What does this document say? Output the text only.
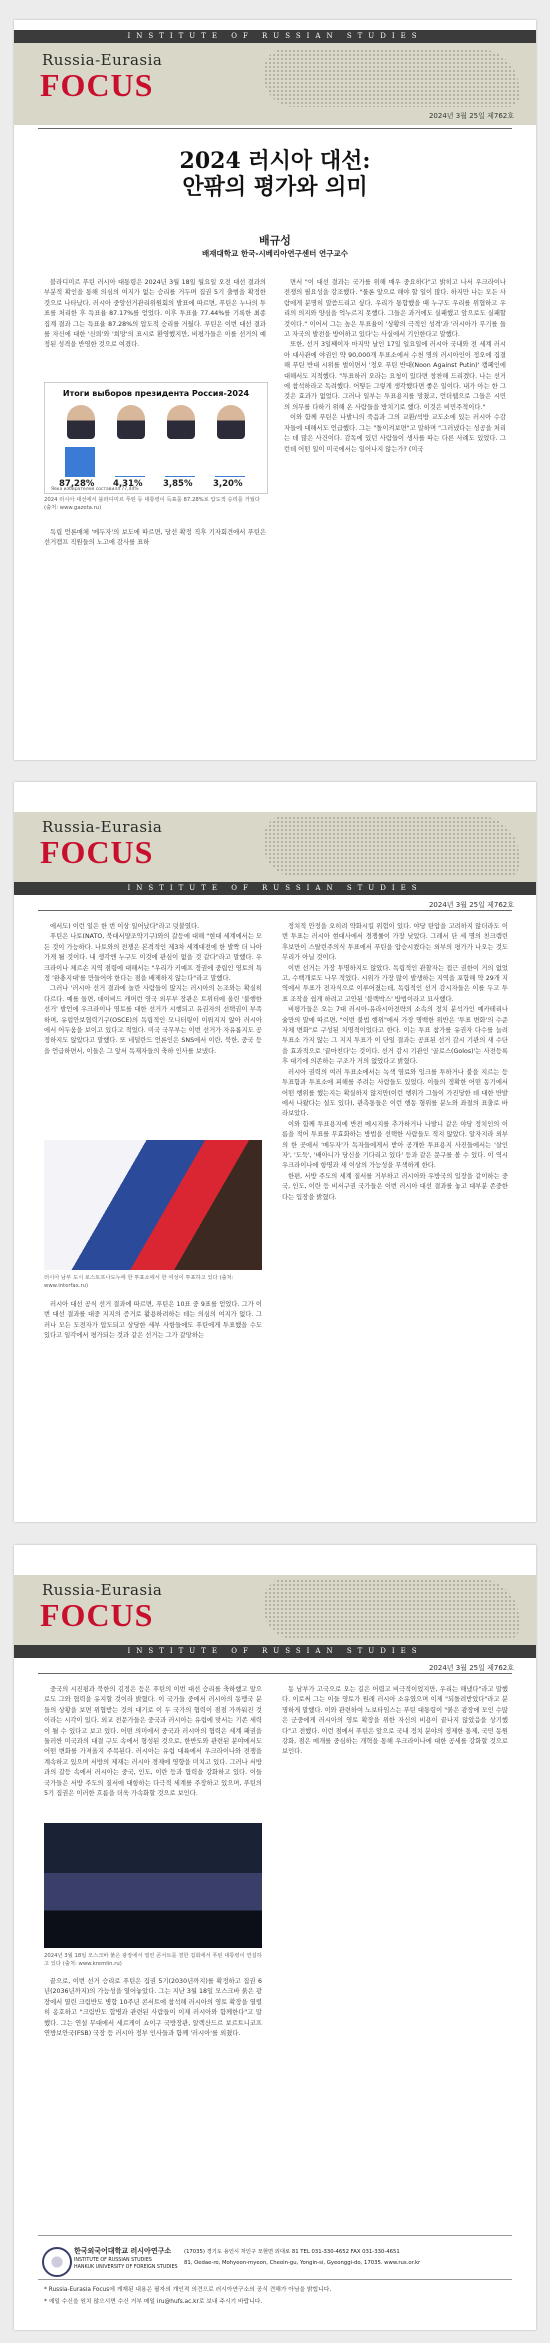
INSTITUTE OF RUSSIAN STUDIES
Russia-Eurasia
FOCUS
2024년 3월 25일 제762호
2024 러시아 대선:
안팎의 평가와 의미
배규성
배재대학교 한국-시베리아연구센터 연구교수

블라디미르 푸틴 러시아 대통령은 2024년 3월 18일 월요일 오전 대선 결과의 부분적 확인을 통해 의심의 여지가 없는 승리를 거두며 집권 5기 출범을 확정한 것으로 나타났다. 러시아 중앙선거관리위원회의 발표에 따르면, 푸틴은 누나의 투표를 처리한 후 득표율 87.17%를 얻었다. 이후 투표율 77.44%를 기록한 최종 집계 결과 그는 득표율 87.28%의 압도적 승리를 거뒀다. 푸틴은 이번 대선 결과를 자신에 대한 '신뢰'와 '희망'의 표시로 환영했지만, 비평가들은 이를 선거의 예정된 성격을 반영한 것으로 여겼다.

Итоги выборов президента Россия-2024
87,28% 4,31% 3,85% 3,20%
Явка избирателей составила 77,44%
2024 러시아 대선에서 블라디미르 푸틴 등 대통령이 득표를 87.28%로 압도적 승리를 거뒀다 (출처: www.gazeta.ru)

독립 언론매체 '메두자'의 보도에 따르면, 당선 확정 직후 기자회견에서 푸틴은 선거캠프 직원들의 노고에 감사를 표하

면서 "이 대선 결과는 국가를 위해 매우 중요하다"고 밝히고 나서 우크라이나 전쟁의 필요성을 강조했다. "물론 앞으로 해야 할 일이 많다. 하지만 나는 모든 사람에게 분명히 말씀드리고 싶다. 우리가 통합했을 때 누구도 우리를 위협하고 우리의 의지와 양심을 억누르지 못했다. 그들은 과거에도 실패했고 앞으로도 실패할 것이다." 이어서 그는 높은 투표율이 '상황의 극적인 성격'과 '러시아가 무기를 들고 자국의 발전을 방어하고 있다'는 사실에서 기인한다고 말했다.

또한, 선거 3일째이자 마지막 날인 17일 일요일에 러시아 국내와 전 세계 러시아 대사관에 야권인 약 90,000개 투표소에서 수천 명의 러시아인이 정오에 집결해 푸틴 반대 시위를 벌이면서 '정오 푸틴 반대(Noon Against Putin)' 캠페인에 대해서도 지적했다. "투표하러 오라는 요청이 있다면 창찬해 드리겠다. 나는 선거에 참석하라고 독려했다. 어떻든 그렇게 생각했다면 좋은 일이다. 내가 아는 한 그것은 효과가 없었다. 그러나 일부는 투표용지를 망쳤고, 언더웹으로 그들은 시민의 의무를 다하기 위해 온 사람들을 방치기로 했다. 이것은 비민주적이다."

이와 함께 푸틴은 나발니의 죽음과 그의 교환/석방 교도소에 있는 러시아 수감자들에 대해서도 언급했다. 그는 "돌이켜보면"고 말하며 "그러냈다는 성공을 처리는 데 많은 사건이다. 감독에 있던 사람들이 생사를 따는 다른 사례도 있었다. 그런데 어떤 일이 미국에서는 일어나지 않는가? (미국

Russia-Eurasia
FOCUS
INSTITUTE OF RUSSIAN STUDIES
2024년 3월 25일 제762호

에서도) 이런 일은 한 번 이상 일어났다"라고 덧붙였다.

푸틴은 나토(NATO, 북대서양조약기구)와의 갈등에 대해 "현대 세계에서는 모든 것이 가능하다. 나토와의 전쟁은 본격적인 제3차 세계대전에 한 발짝 더 나아가게 될 것이다. 내 생각엔 누구도 이것에 관심이 없을 것 같다"라고 말했다. 우크라이나 체르손 지역 점령에 대해서는 "우리가 키예프 정권에 중립인 영토의 특정 '완충지대'를 만들어야 한다는 점을 배제하지 않는다"라고 말했다.

그러나 '러시아 선거 결과에 놀란 사람들이 많지는 러시아의 논조와는 확실히 다르다. 예를 들면, 데이비드 캐머런 영국 외무부 장관은 트위터에 올린 '불행한 선거' 발언에 우크라이나 영토를 대한 선거가 시행되고 유권자의 선택권이 부족하며, 유럽안보협력기구(OSCE)의 독립적인 모니터링이 이뤄지지 않아 러시아에서 어두움을 보이고 있다고 적었다. 미국 국무부는 이번 선거가 자유롭지도 공정하지도 않았다고 말했다. 또 네덜란드 언론인은 SNS에서 이란, 북한, 중국 등을 언급하면서, 이들은 그 앞서 독재자들의 축하 인사를 보냈다.

러시아 남부 도시 로스토프나도누에 한 투표소에서 한 여성이 투표하고 있다 (출처: www.interfax.ru)

러시아 대선 공식 선거 결과에 따르면, 푸틴은 10표 중 9표를 얻었다. 그가 이번 대선 결과를 대중 지지의 증거로 활용하려하는 데는 의심의 여지가 없다. 그러나 모든 도전자가 압도되고 상당한 세부 사항들에도 푸틴에게 투표했을 수도 있다고 일각에서 평가되는 것과 같은 선거는 그가 갈망하는

정치적 안정을 오히려 약화시킬 위험이 있다. 야당 탄압을 고려하지 않더라도 이번 투표는 러시아 현대사에서 경쟁률이 가장 낮았다. 그래서 단 세 명의 친크렘린 후보만이 스탈린주의식 투표에서 푸틴을 압승시켰다는 외부의 평가가 나오는 것도 무리가 아닐 것이다.

이번 선거는 가장 투명하지도 않았다. 독립적인 관찰자는 접근 권한이 거의 없었고, 수백개로도 나무 적었다. 시위가 가장 많이 발생하는 지역을 포함해 약 29개 지역에서 투표가 전자식으로 이루어졌는데, 독립적인 선거 감시자들은 이를 두고 투표 조작을 쉽게 하려고 고안된 '블랙박스' 방법이라고 묘사했다.

비평가들은 오는 7대 러시아-유라시아전략의 소속의 정치 분석가인 예카테리나 슐만의 말에 따르면, "이번 불법 행위"에서 가장 명백한 위반은 '투표 변화'의 수준 자체 변화"로 구성된 치명적이었다고 한다. 이는 투표 참가를 유권자 다수를 늘려 투표소 가지 않는 그 지지 투표가 이 단일 결과는 공표된 선거 감시 기관의 새 수단을 효과적으로 '끝마친다'는 것이다. 선거 감시 기관인 '골로스(Golos)'는 사전등록 후 대기에 의존하는 구조가 거의 없었다고 밝혔다.

러시아 권력의 여러 투표소에서는 녹색 염료와 잉크를 투하거나 불을 지르는 등 투표함과 투표소에 피해를 주려는 사람들도 있었다. 이들의 정확한 어떤 동기에서 어떤 행위를 했는지는 확실하지 않지만(이런 행위가 그들이 가진당한 데 대한 반발에서 나왔다는 설도 있다), 관측통들은 이런 행동 형위를 분노와 좌절의 표출로 바라보았다.

이와 함께 투표용지에 반전 메시지를 추가하거나 나발니 같은 야당 정치인의 이름을 적어 투표를 무효화하는 방법을 선택한 사람들도 적지 않았다. 알자지라 외부의 한 곳에서 '메두자'가 독자들에게서 받아 공개한 투표용지 사진들에서는 '살인자', '도둑', '배아니가 당신을 기다리고 있다' 등과 같은 문구를 볼 수 있다. 이 역시 우크라이나에 항명과 새 이상의 가능성을 무색하게 한다.

한편, 서방 주도의 세계 질서를 거부하고 러시아와 우방국의 입장을 같이하는 중국, 인도, 이란 등 비서구권 국가들은 이번 러시아 대선 결과를 놓고 대부분 존중한다는 입장을 밝혔다.

Russia-Eurasia
FOCUS
INSTITUTE OF RUSSIAN STUDIES
2024년 3월 25일 제762호

중국의 시진핑과 북한의 김정은 등은 푸틴의 이번 대선 승리를 축하했고 앞으로도 그와 협력을 유지할 것이라 밝혔다. 이 국가들 중에서 러시아의 동맹국 분들의 상황을 보면 위협받는 것의 대기로 이 두 국가의 협력이 점점 가까워진 것이라는 시각이 있다. 외교 전문가들은 중국과 러시아는 유럽에 맞서는 기존 세력이 될 수 있다고 보고 있다. 어떤 의미에서 중국과 러시아의 협력은 세계 패권을 둘러싼 미국과의 대결 구도 속에서 형성된 것으로, 한반도와 관련된 분야에서도 어떤 변화를 가져올지 주목된다. 러시아는 유럽 대륙에서 우크라이나와 전쟁을 계속하고 있으며 서방의 제재는 러시아 경제에 영향을 미치고 있다. 그러나 서방과의 갈등 속에서 러시아는 중국, 인도, 이란 등과 협력을 강화하고 있다. 이들 국가들은 서방 주도의 질서에 대항하는 다극적 세계를 주장하고 있으며, 푸틴의 5기 집권은 이러한 흐름을 더욱 가속화할 것으로 보인다.

2024년 3월 18일 모스크바 붉은 광장에서 열린 콘서트를 겸한 집회에서 푸틴 대통령이 연설하고 있다 (출처: www.kremlin.ru)

끝으로, 이번 선거 승리로 푸틴은 집권 5기(2030년까지)를 확정하고 집권 6년(2036년까지)의 가능성을 열어놓았다. 그는 지난 3월 18일 모스크바 붉은 광장에서 열린 크림반도 병합 10주년 콘서트에 참석해 러시아의 영토 확장을 열렬히 옹호하고 "크림반도 합병과 관련된 사람들이 이제 러시아와 함께한다"고 말했다. 그는 연설 무대에서 세르게이 쇼이구 국방장관, 알렉산드르 보르트니코프 연방보안국(FSB) 국장 등 러시아 정부 인사들과 함께 '러시아'를 외쳤다.

동 남부가 고국으로 오는 길은 어렵고 비극적이었지만, 우리는 해냈다"라고 말했다. 이로써 그는 이들 영토가 원래 러시아 소유였으며 이제 "되돌려받았다"라고 분명하게 말했다. 이와 관련하여 노보타임스는 푸틴 대통령이 "붉은 광장에 모인 수많은 군중에게 러시아의 영토 확장을 위한 자신의 비용이 끝나지 않았음을 상기했다"고 전했다. 이런 점에서 푸틴은 앞으로 국내 정치 분야의 정제한 통제, 국민 동원 강화, 점은 매개를 중심하는 개혁을 통해 우크라이나에 대한 공세를 강화할 것으로 보인다.

한국외국어대학교 러시아연구소
INSTITUTE OF RUSSIAN STUDIES
HANKUK UNIVERSITY OF FOREIGN STUDIES
(17035) 경기도 용인시 처인구 모현면 외대로 81 TEL 031-330-4652 FAX 031-330-4651
81, Oedae-ro, Mohyeon-myeon, Cheoin-gu, Yongin-si, Gyeonggi-do, 17035. www.rus.or.kr
* Russia-Eurasia Focus에 게재된 내용은 필자의 개인적 의견으로 러시아연구소의 공식 견해가 아님을 밝힙니다.
* 예일 수신을 원치 않으시면 수신 거부 메일 iru@hufs.ac.kr로 보내 주시기 바랍니다.
